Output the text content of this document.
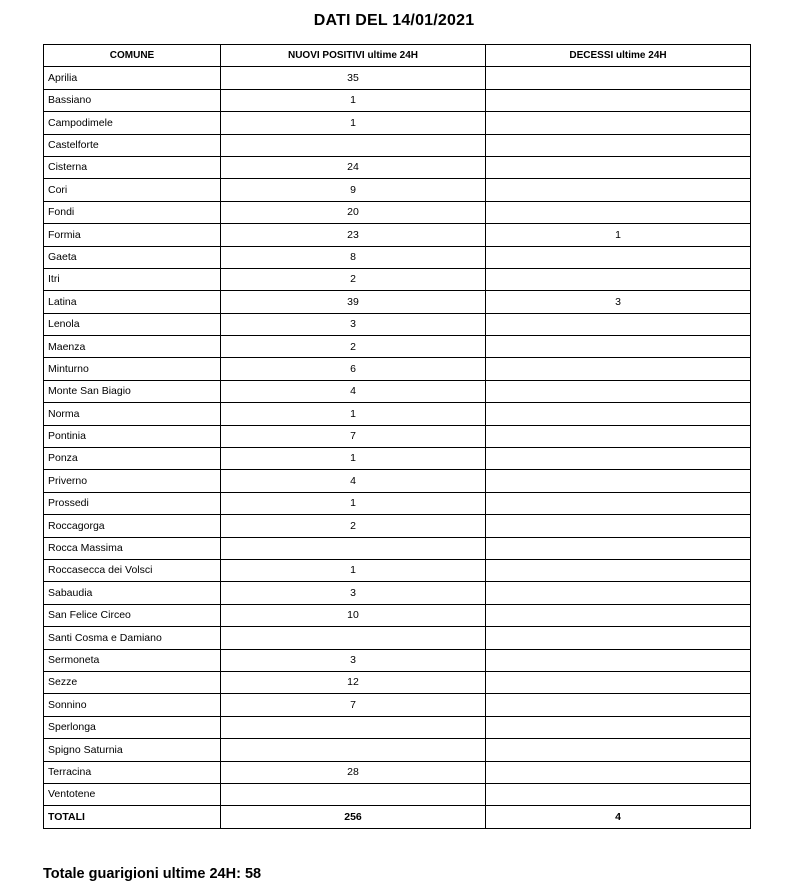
DATI DEL 14/01/2021
COMUNE	NUOVI POSITIVI ultime 24H	DECESSI ultime 24H
Aprilia	35	
Bassiano	1	
Campodimele	1	
Castelforte		
Cisterna	24	
Cori	9	
Fondi	20	
Formia	23	1
Gaeta	8	
Itri	2	
Latina	39	3
Lenola	3	
Maenza	2	
Minturno	6	
Monte San Biagio	4	
Norma	1	
Pontinia	7	
Ponza	1	
Priverno	4	
Prossedi	1	
Roccagorga	2	
Rocca Massima		
Roccasecca dei Volsci	1	
Sabaudia	3	
San Felice Circeo	10	
Santi Cosma e Damiano		
Sermoneta	3	
Sezze	12	
Sonnino	7	
Sperlonga		
Spigno Saturnia		
Terracina	28	
Ventotene		
TOTALI	256	4
Totale guarigioni ultime 24H: 58
